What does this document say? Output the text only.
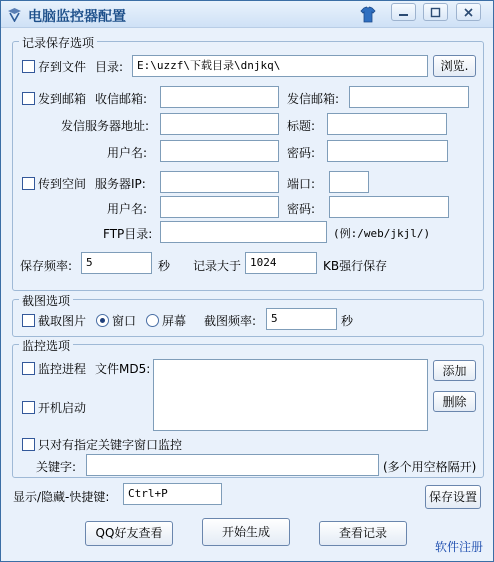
电脑监控器配置
记录保存选项
存到文件 目录:	E:\uzzf\下载目录\dnjkq\	浏览.
发到邮箱 收信邮箱:	发信邮箱:
发信服务器地址:	标题:
用户名:	密码:
传到空间 服务器IP:	端口:
用户名:	密码:
FTP目录:	(例:/web/jkjl/)
保存频率:	5	秒 记录大于 1024	KB强行保存
截图选项
截取图片 窗口 屏幕 截图频率:	5	秒
监控选项
监控进程 文件MD5:	添加
删除
开机启动
只对有指定关键字窗口监控
关键字:	(多个用空格隔开)
显示/隐藏-快捷键:	Ctrl+P	保存设置
QQ好友查看	开始生成	查看记录
软件注册
